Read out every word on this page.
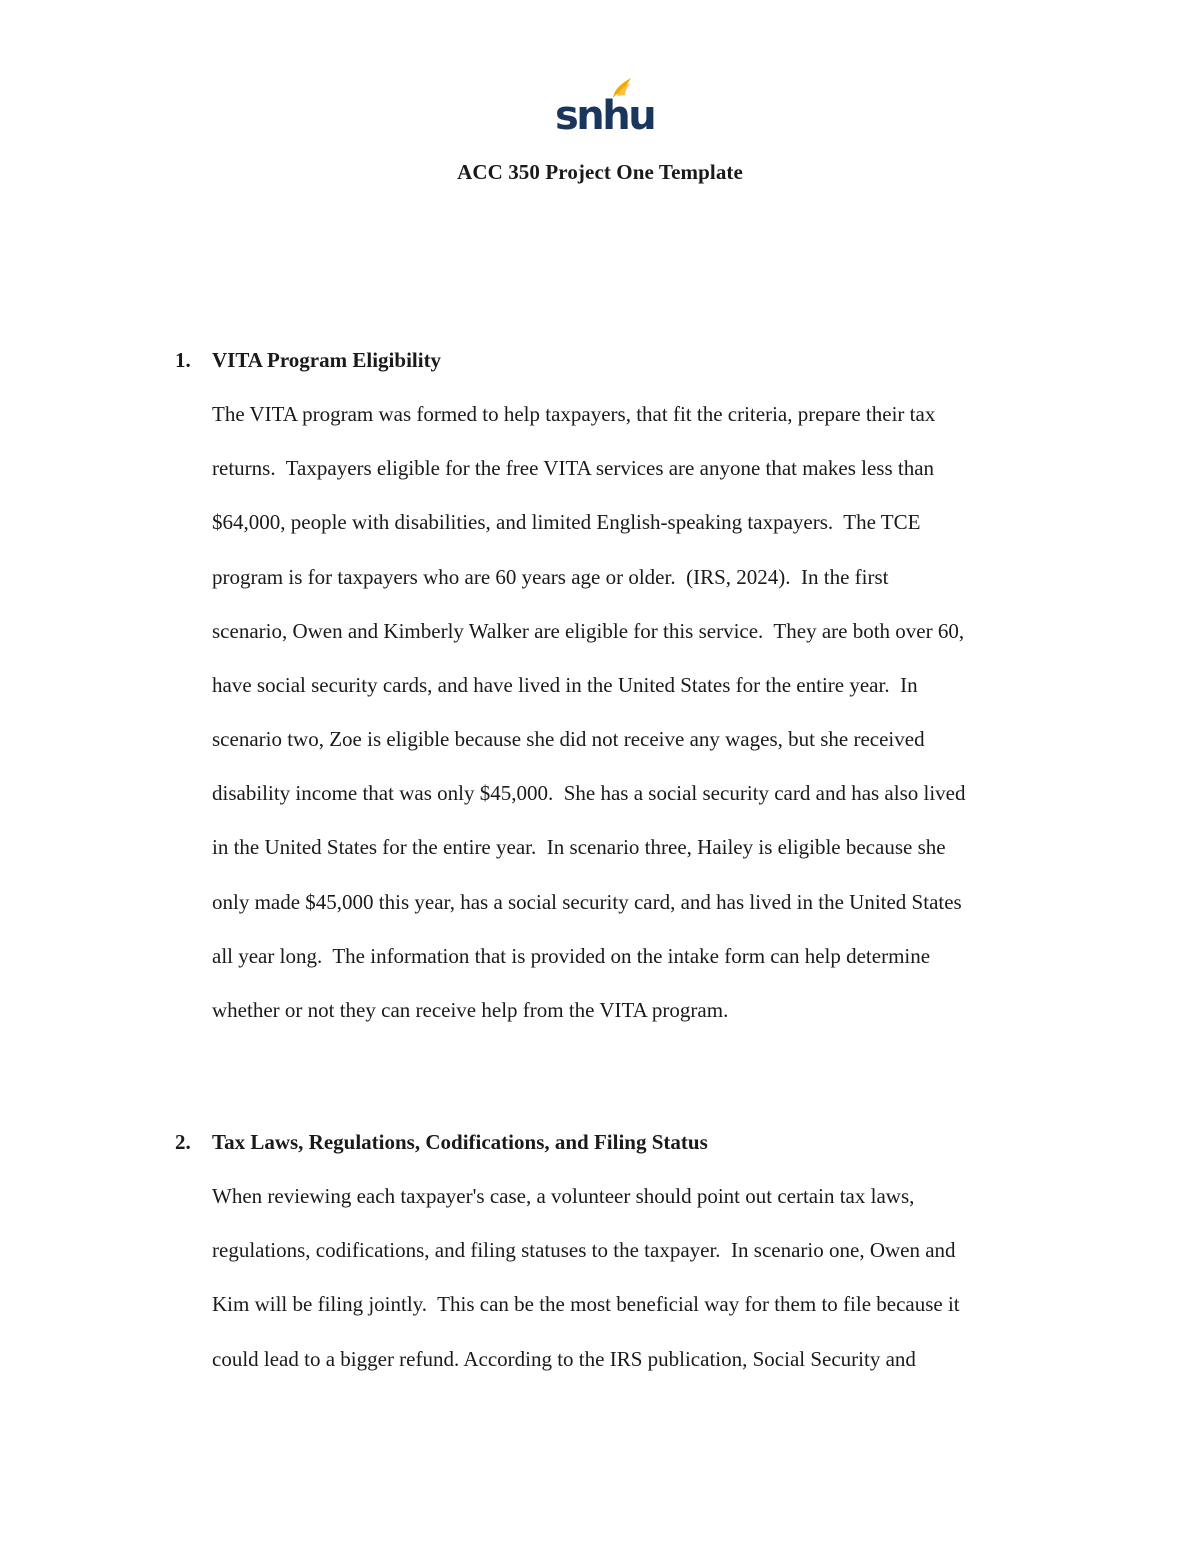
snhu
ACC 350 Project One Template
1. VITA Program Eligibility
The VITA program was formed to help taxpayers, that fit the criteria, prepare their tax
returns.  Taxpayers eligible for the free VITA services are anyone that makes less than
$64,000, people with disabilities, and limited English-speaking taxpayers.  The TCE
program is for taxpayers who are 60 years age or older.  (IRS, 2024).  In the first
scenario, Owen and Kimberly Walker are eligible for this service.  They are both over 60,
have social security cards, and have lived in the United States for the entire year.  In
scenario two, Zoe is eligible because she did not receive any wages, but she received
disability income that was only $45,000.  She has a social security card and has also lived
in the United States for the entire year.  In scenario three, Hailey is eligible because she
only made $45,000 this year, has a social security card, and has lived in the United States
all year long.  The information that is provided on the intake form can help determine
whether or not they can receive help from the VITA program.
2. Tax Laws, Regulations, Codifications, and Filing Status
When reviewing each taxpayer's case, a volunteer should point out certain tax laws,
regulations, codifications, and filing statuses to the taxpayer.  In scenario one, Owen and
Kim will be filing jointly.  This can be the most beneficial way for them to file because it
could lead to a bigger refund. According to the IRS publication, Social Security and
